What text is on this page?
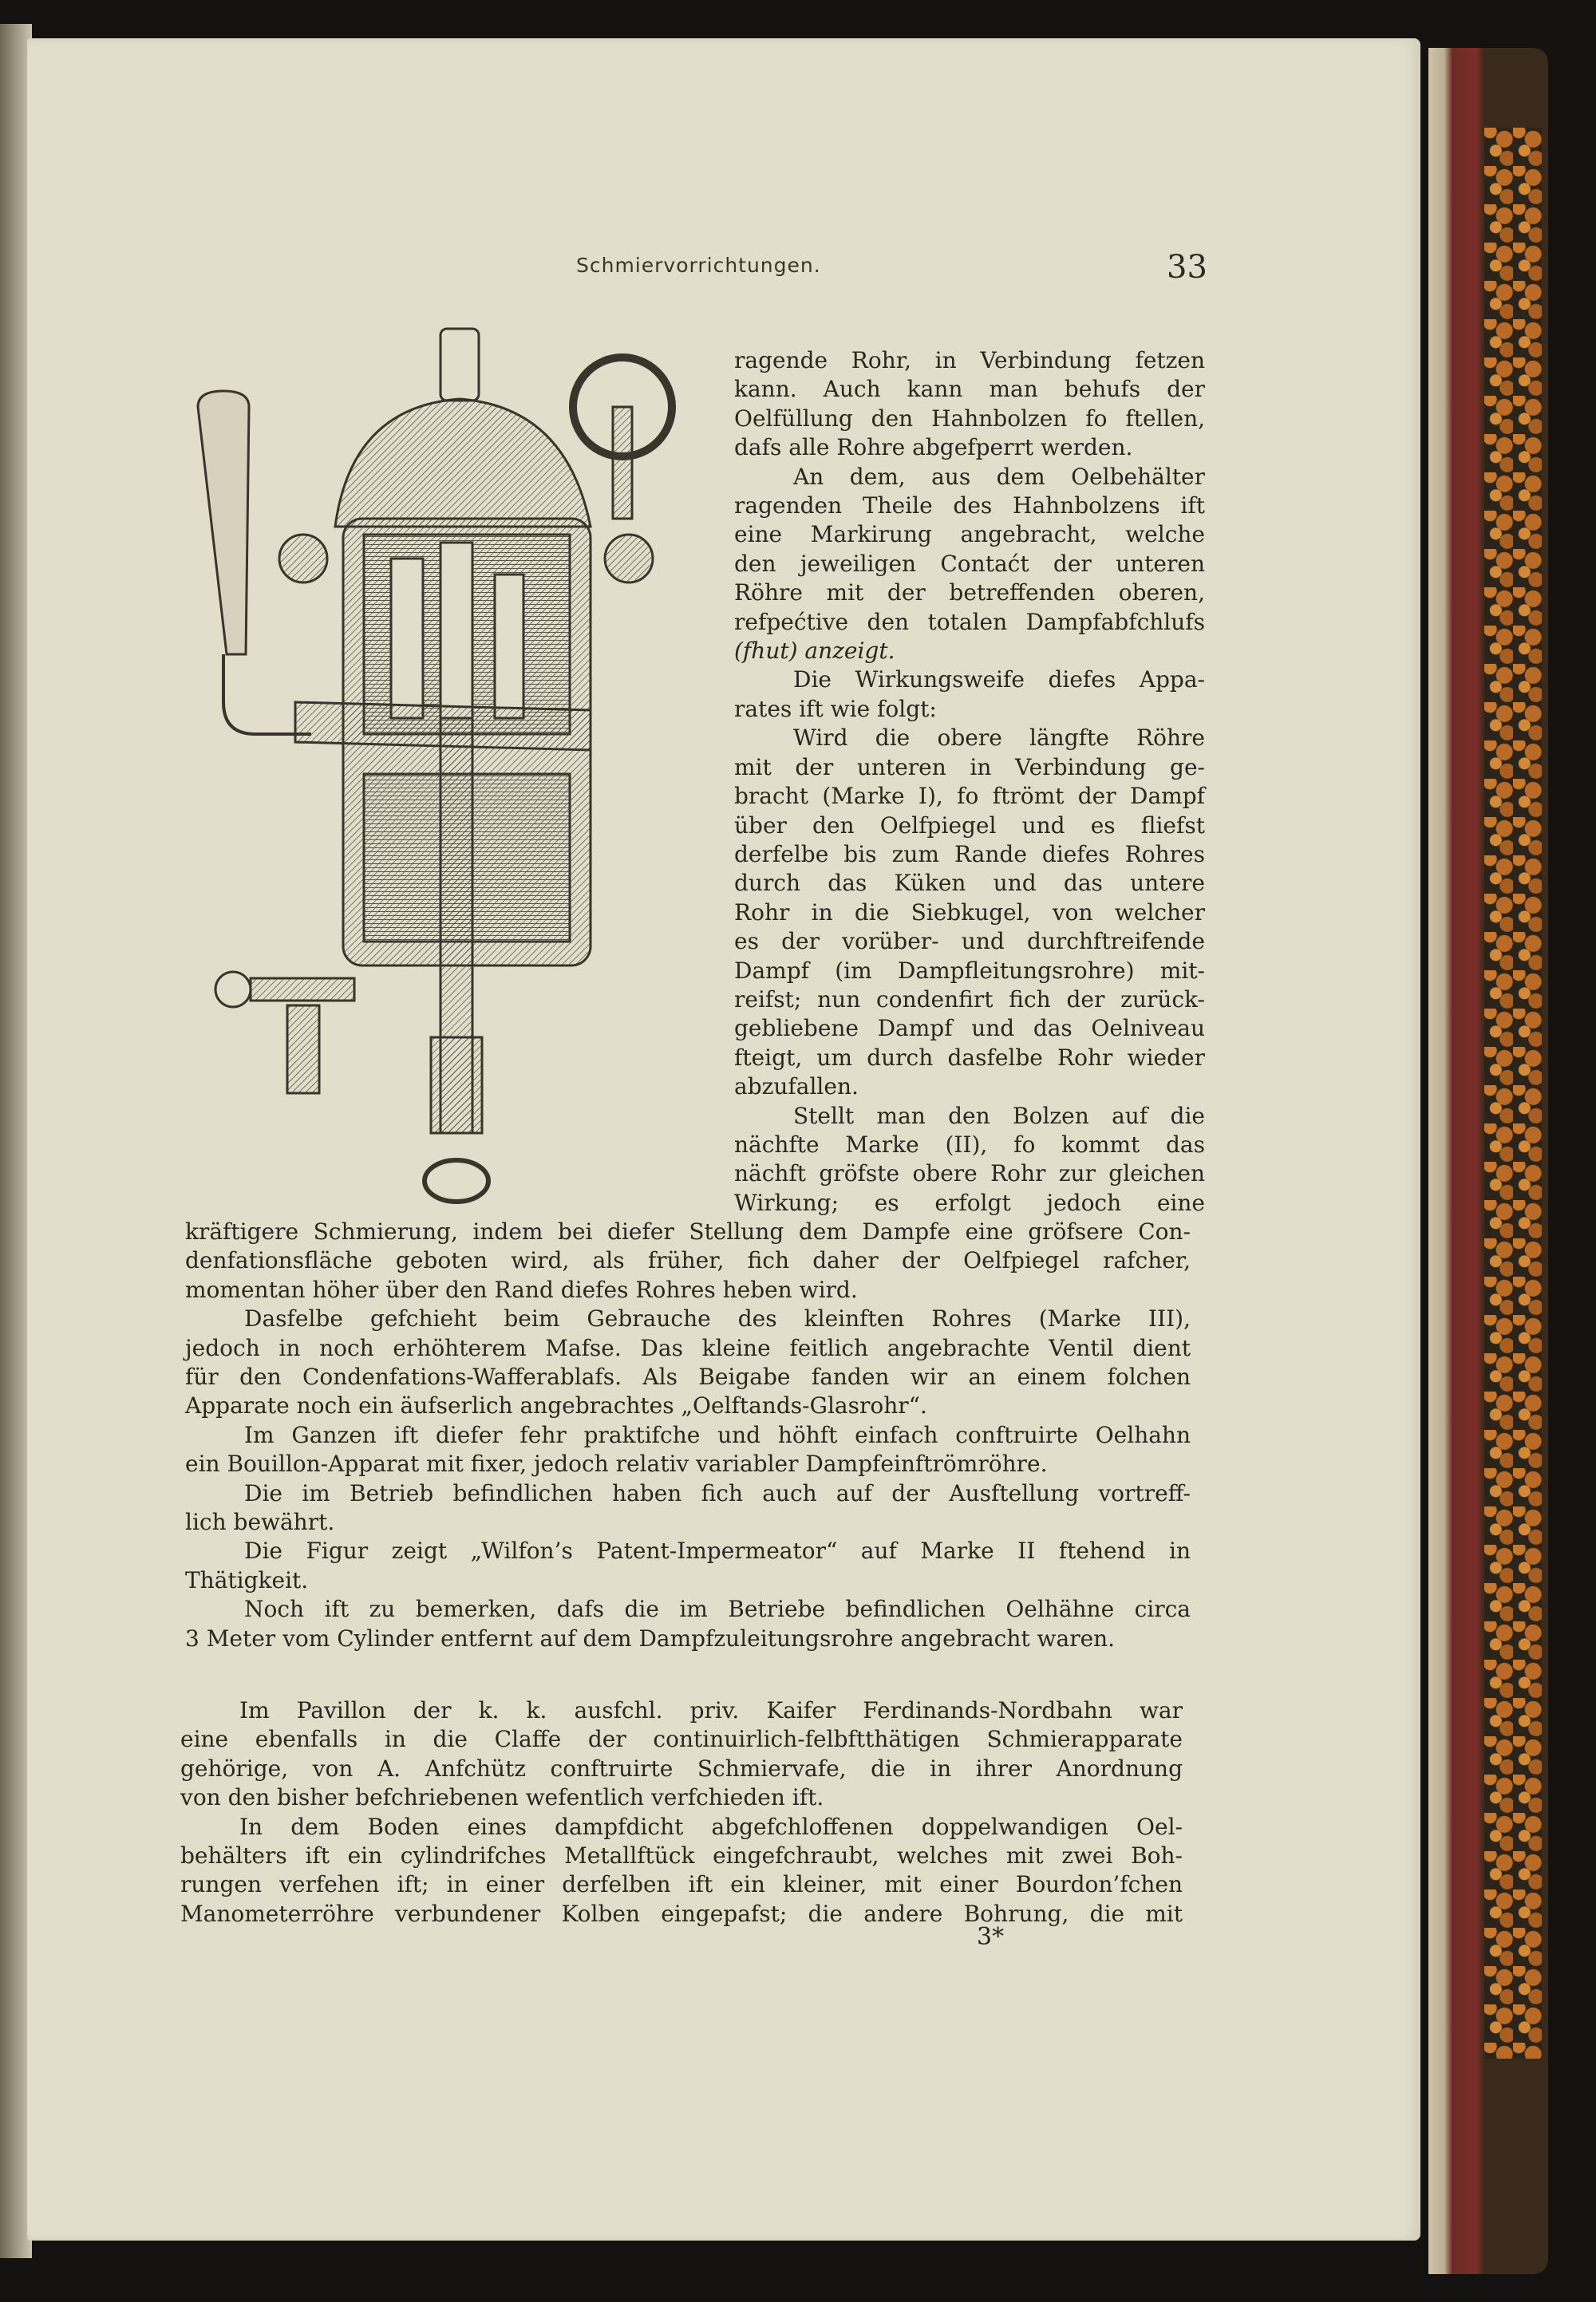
Schmiervorrichtungen.	33

ragende Rohr, in Verbindung fetzen

kann. Auch kann man behufs der

Oelfüllung den Hahnbolzen fo ftellen,

dafs alle Rohre abgefperrt werden.

An dem, aus dem Oelbehälter

ragenden Theile des Hahnbolzens ift

eine Markirung angebracht, welche

den jeweiligen Contaćt der unteren

Röhre mit der betreffenden oberen,

refpećtive den totalen Dampfabfchlufs

(fhut) anzeigt.

Die Wirkungsweife diefes Appa-

rates ift wie folgt:

Wird die obere längfte Röhre

mit der unteren in Verbindung ge-

bracht (Marke I), fo ftrömt der Dampf

über den Oelfpiegel und es fliefst

derfelbe bis zum Rande diefes Rohres

durch das Küken und das untere

Rohr in die Siebkugel, von welcher

es der vorüber- und durchftreifende

Dampf (im Dampfleitungsrohre) mit-

reifst; nun condenfirt fich der zurück-

gebliebene Dampf und das Oelniveau

fteigt, um durch dasfelbe Rohr wieder

abzufallen.

Stellt man den Bolzen auf die

nächfte Marke (II), fo kommt das

nächft gröfste obere Rohr zur gleichen

Wirkung; es erfolgt jedoch eine

kräftigere Schmierung, indem bei diefer Stellung dem Dampfe eine gröfsere Con-

denfationsfläche geboten wird, als früher, fich daher der Oelfpiegel rafcher,

momentan höher über den Rand diefes Rohres heben wird.

Dasfelbe gefchieht beim Gebrauche des kleinften Rohres (Marke III),

jedoch in noch erhöhterem Mafse. Das kleine feitlich angebrachte Ventil dient

für den Condenfations-Wafferablafs. Als Beigabe fanden wir an einem folchen

Apparate noch ein äufserlich angebrachtes „Oelftands-Glasrohr“.

Im Ganzen ift diefer fehr praktifche und höhft einfach conftruirte Oelhahn

ein Bouillon-Apparat mit fixer, jedoch relativ variabler Dampfeinftrömröhre.

Die im Betrieb befindlichen haben fich auch auf der Ausftellung vortreff-

lich bewährt.

Die Figur zeigt „Wilfon’s Patent-Impermeator“ auf Marke II ftehend in

Thätigkeit.

Noch ift zu bemerken, dafs die im Betriebe befindlichen Oelhähne circa

3 Meter vom Cylinder entfernt auf dem Dampfzuleitungsrohre angebracht waren.

Im Pavillon der k. k. ausfchl. priv. Kaifer Ferdinands-Nordbahn war

eine ebenfalls in die Claffe der continuirlich-felbftthätigen Schmierapparate

gehörige, von A. Anfchütz conftruirte Schmiervafe, die in ihrer Anordnung

von den bisher befchriebenen wefentlich verfchieden ift.

In dem Boden eines dampfdicht abgefchloffenen doppelwandigen Oel-

behälters ift ein cylindrifches Metallftück eingefchraubt, welches mit zwei Boh-

rungen verfehen ift; in einer derfelben ift ein kleiner, mit einer Bourdon’fchen

Manometerröhre verbundener Kolben eingepafst; die andere Bohrung, die mit

3*
